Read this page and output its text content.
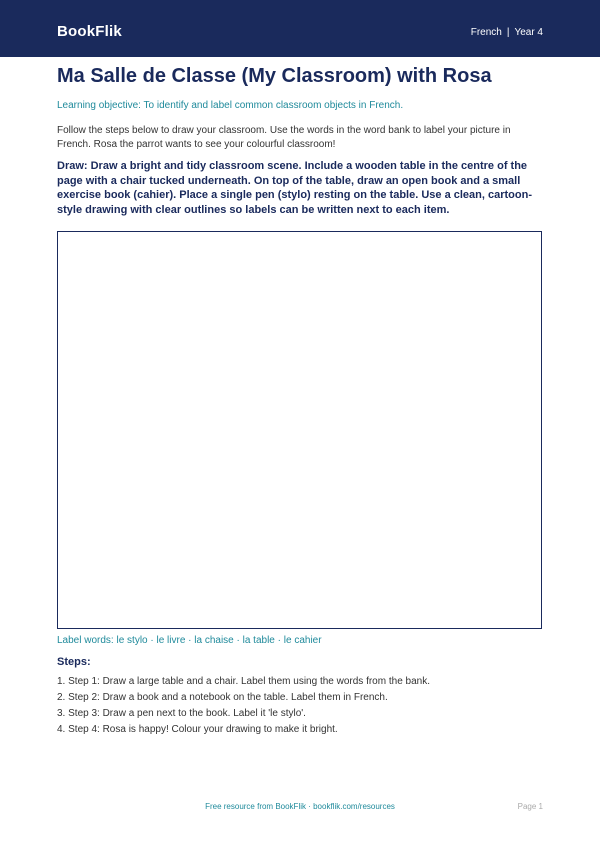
BookFlik	French | Year 4
Ma Salle de Classe (My Classroom) with Rosa
Learning objective: To identify and label common classroom objects in French.
Follow the steps below to draw your classroom. Use the words in the word bank to label your picture in French. Rosa the parrot wants to see your colourful classroom!
Draw: Draw a bright and tidy classroom scene. Include a wooden table in the centre of the page with a chair tucked underneath. On top of the table, draw an open book and a small exercise book (cahier). Place a single pen (stylo) resting on the table. Use a clean, cartoon-style drawing with clear outlines so labels can be written next to each item.
Label words: le stylo · le livre · la chaise · la table · le cahier
Steps:
1. Step 1: Draw a large table and a chair. Label them using the words from the bank.
2. Step 2: Draw a book and a notebook on the table. Label them in French.
3. Step 3: Draw a pen next to the book. Label it 'le stylo'.
4. Step 4: Rosa is happy! Colour your drawing to make it bright.
Free resource from BookFlik · bookflik.com/resources	Page 1
